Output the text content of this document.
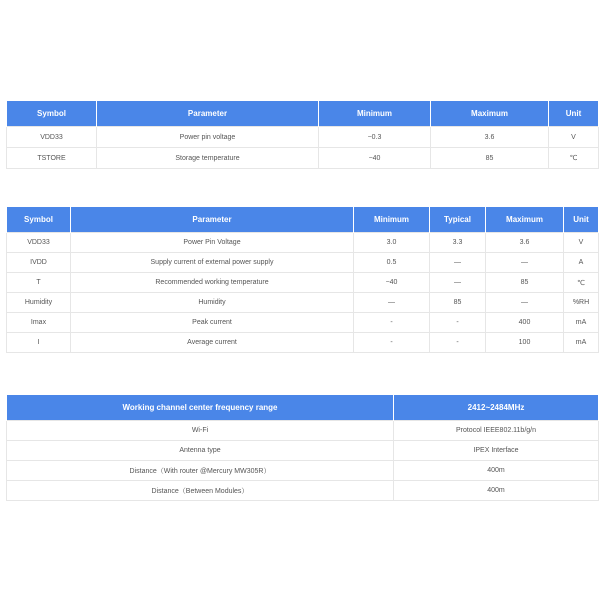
Symbol	Parameter	Minimum	Maximum	Unit
VDD33	Power pin voltage	−0.3	3.6	V
TSTORE	Storage temperature	−40	85	℃
Symbol	Parameter	Minimum	Typical	Maximum	Unit
VDD33	Power Pin Voltage	3.0	3.3	3.6	V
IVDD	Supply current of external power supply	0.5	—	—	A
T	Recommended working temperature	−40	—	85	℃
Humidity	Humidity	—	85	—	%RH
Imax	Peak current	-	-	400	mA
I	Average current	-	-	100	mA
Working channel center frequency range	2412~2484MHz
Wi-Fi	Protocol IEEE802.11b/g/n
Antenna type	IPEX Interface
Distance（With router @Mercury MW305R）	400m
Distance（Between Modules）	400m
